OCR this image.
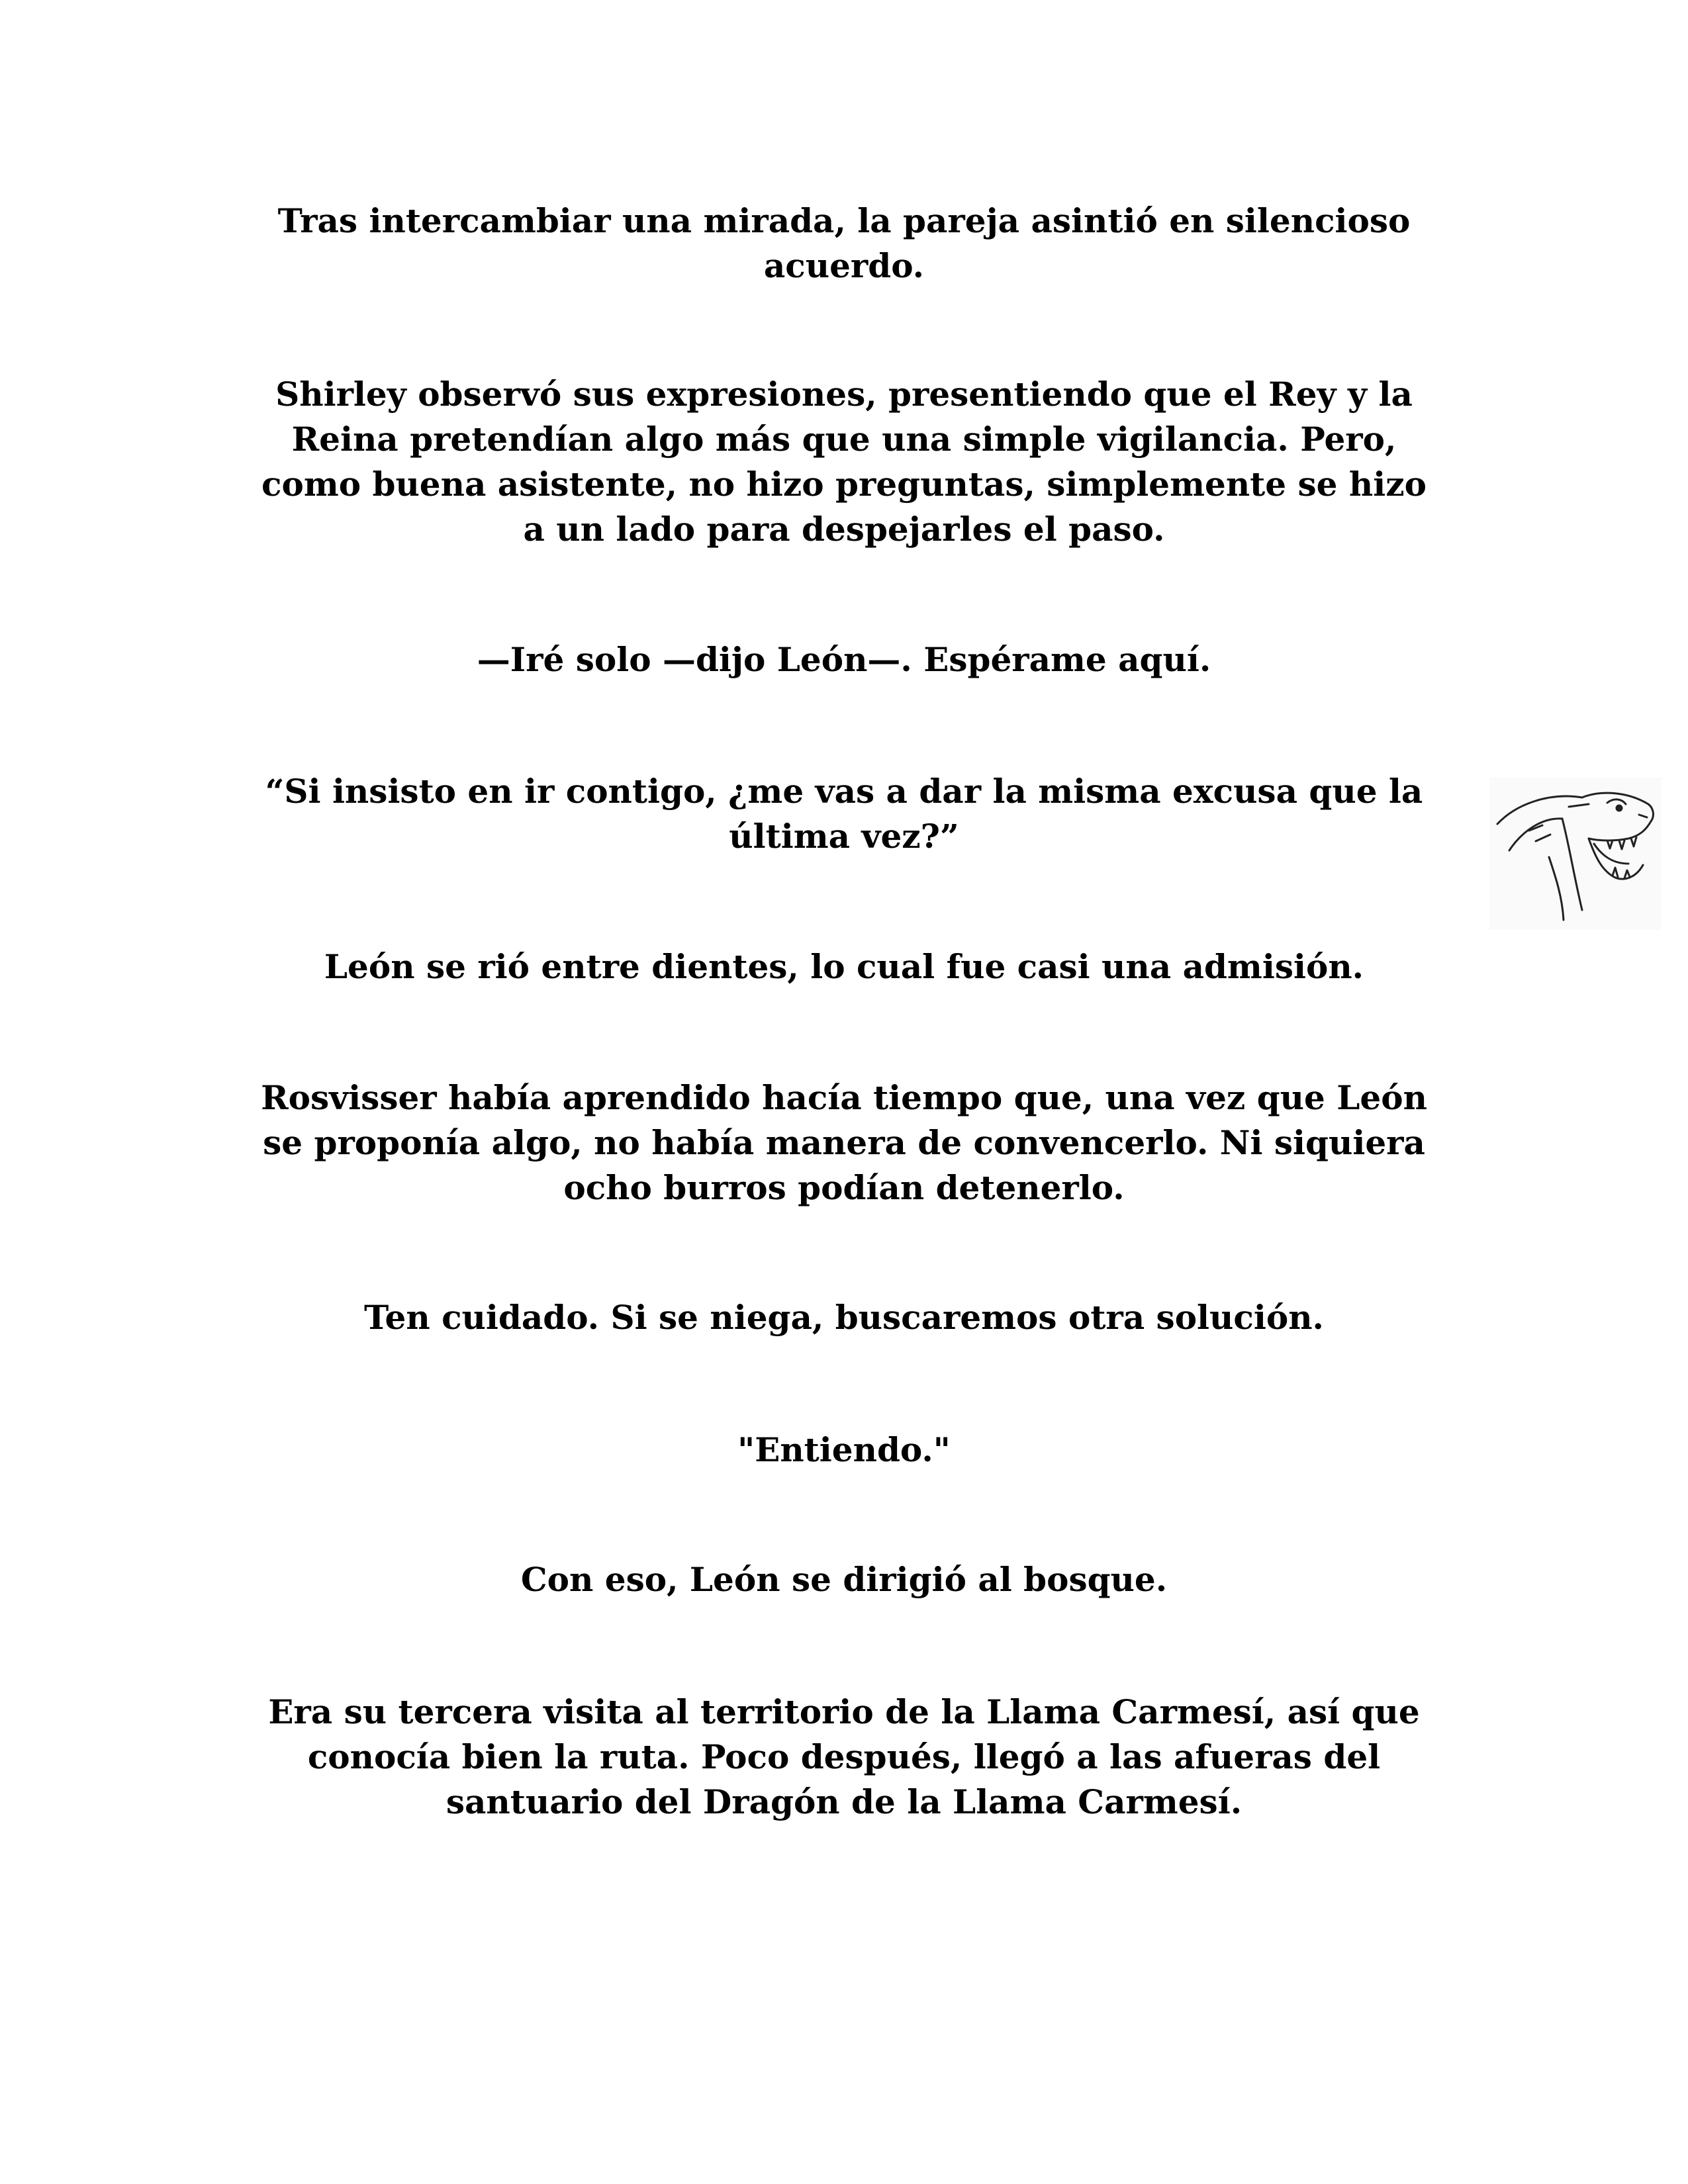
Tras intercambiar una mirada, la pareja asintió en silencioso
acuerdo.

Shirley observó sus expresiones, presentiendo que el Rey y la
Reina pretendían algo más que una simple vigilancia. Pero,
como buena asistente, no hizo preguntas, simplemente se hizo
a un lado para despejarles el paso.

—Iré solo —dijo León—. Espérame aquí.

“Si insisto en ir contigo, ¿me vas a dar la misma excusa que la
última vez?”

León se rió entre dientes, lo cual fue casi una admisión.

Rosvisser había aprendido hacía tiempo que, una vez que León
se proponía algo, no había manera de convencerlo. Ni siquiera
ocho burros podían detenerlo.

Ten cuidado. Si se niega, buscaremos otra solución.

"Entiendo."

Con eso, León se dirigió al bosque.

Era su tercera visita al territorio de la Llama Carmesí, así que
conocía bien la ruta. Poco después, llegó a las afueras del
santuario del Dragón de la Llama Carmesí.
